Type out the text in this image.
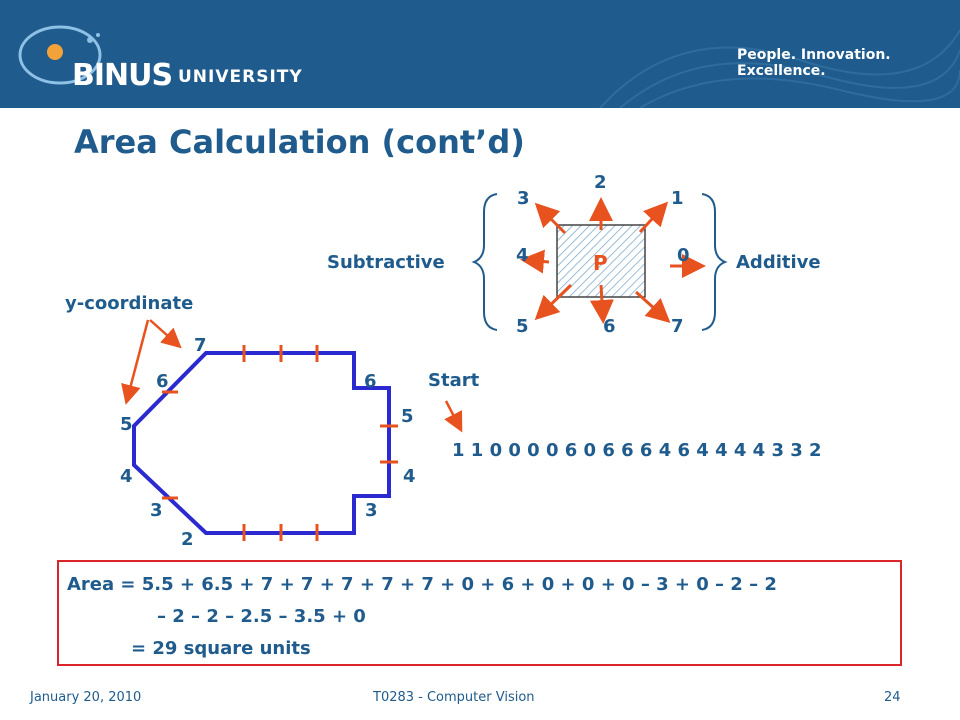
BINUS UNIVERSITY
People. Innovation. Excellence.
Area Calculation (cont’d)
2
3	1
4	0
P
5	6	7
Subtractive	Additive
y-coordinate
Start
7
6
5
4
3
2
6
5
4
3
1 1 0 0 0 0 6 0 6 6 6 4 6 4 4 4 4 3 3 2
Area = 5.5 + 6.5 + 7 + 7 + 7 + 7 + 7 + 0 + 6 + 0 + 0 + 0 – 3 + 0 – 2 – 2
– 2 – 2 – 2.5 – 3.5 + 0
= 29 square units
January 20, 2010	T0283 - Computer Vision	24
